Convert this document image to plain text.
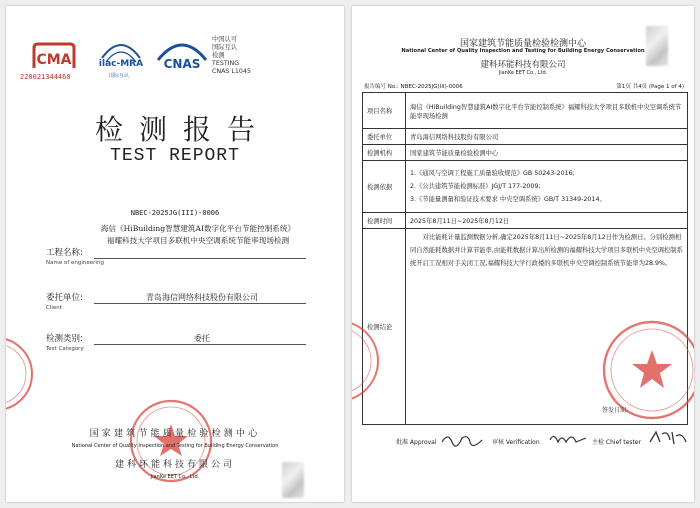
CMA
220021344460
ilac-MRA
国际互认
CNAS
中国认可
国际互认
检测
TESTING
CNAS L1045
检测报告
TEST REPORT
NBEC-2025JG(III)-0006
海信《HiBuilding智慧建筑AI数字化平台节能控制系统》福耀科技大学项目多联机中央空调系统节能率现场检测
工程名称:
Name of engineering
委托单位:	青岛海信网络科技股份有限公司
Client
检测类别:	委托
Test Category
国家建筑节能质量检验检测中心
National Center of Quality Inspection and Testing for Building Energy Conservation
建科环能科技有限公司
JianKe EET Co., Ltd.
国家建筑节能质量检验检测中心
National Center of Quality Inspection and Testing for Building Energy Conservation
建科环能科技有限公司
JianKe EET Co., Ltd.
报告编号 No.: NBEC-2025JG(III)-0006	第1页 共4页 (Page 1 of 4)
项目名称	海信《HiBuilding智慧建筑AI数字化平台节能控制系统》福耀科技大学项目多联机中央空调系统节能率现场检测
委托单位	青岛海信网络科技股份有限公司
检测机构	国家建筑节能质量检验检测中心
检测依据	1.《通风与空调工程施工质量验收规范》GB 50243-2016;
2.《公共建筑节能检测标准》JGJ/T 177-2009;
3.《节能量测量和验证技术要求 中央空调系统》GB/T 31349-2014。

检测时间	2025年8月11日~2025年8月12日
检测结论	对比能耗计量监测数据分析,确定2025年8月11日~2025年8月12日作为检测日。分别检测相同自然能耗数据并计算节能率,由能耗数据计算出所检测的福耀科技大学项目多联机中央空调控制系统开启工况相对手关闭工况,福耀科技大学行政楼的多联机中央空调控制系统节能率为28.9%。
签发日期:
批准 Approval	审核 Verification	主检 Chief tester
